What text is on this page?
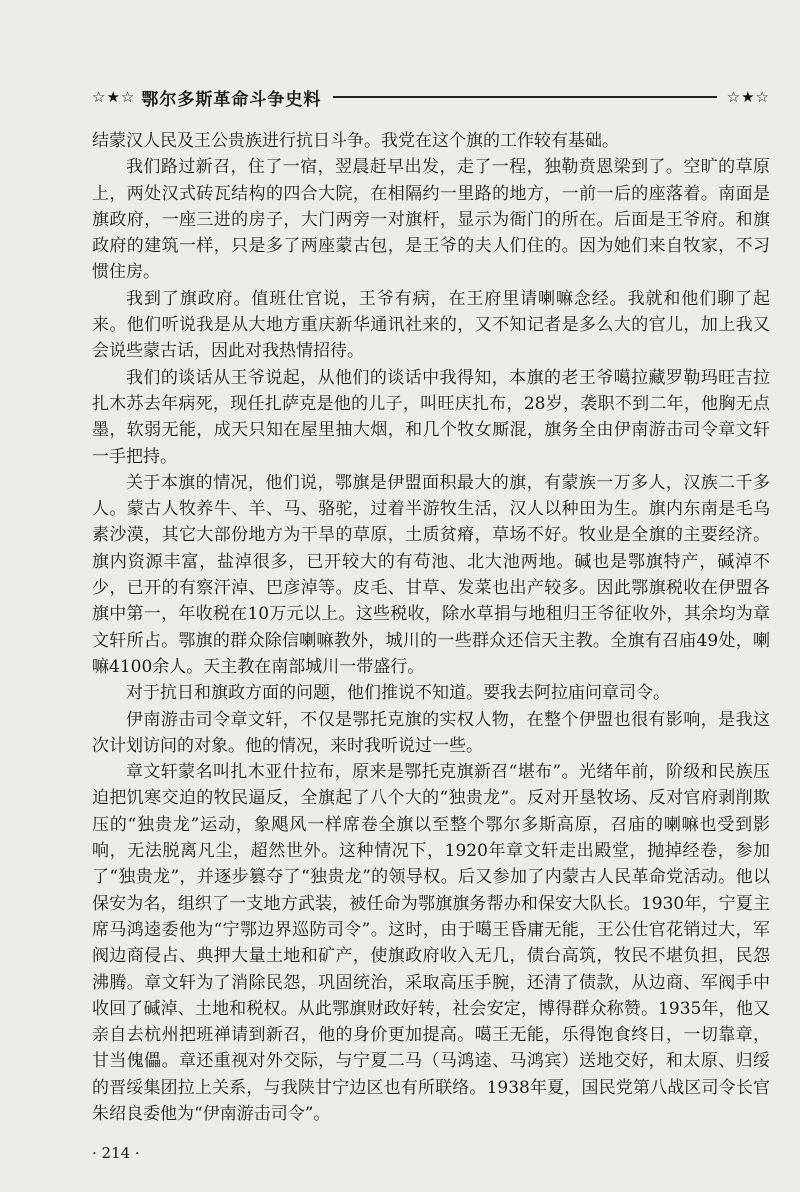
☆★☆ 鄂尔多斯革命斗争史料	☆★☆

结蒙汉人民及王公贵族进行抗日斗争。我党在这个旗的工作较有基础。

我们路过新召，住了一宿，翌晨赶早出发，走了一程，独勒贲恩梁到了。空旷的草原上，两处汉式砖瓦结构的四合大院，在相隔约一里路的地方，一前一后的座落着。南面是旗政府，一座三进的房子，大门两旁一对旗杆，显示为衙门的所在。后面是王爷府。和旗政府的建筑一样，只是多了两座蒙古包，是王爷的夫人们住的。因为她们来自牧家，不习惯住房。

我到了旗政府。值班仕官说，王爷有病，在王府里请喇嘛念经。我就和他们聊了起来。他们听说我是从大地方重庆新华通讯社来的，又不知记者是多么大的官儿，加上我又会说些蒙古话，因此对我热情招待。

我们的谈话从王爷说起，从他们的谈话中我得知，本旗的老王爷噶拉藏罗勒玛旺吉拉扎木苏去年病死，现任扎萨克是他的儿子，叫旺庆扎布，28岁，袭职不到二年，他胸无点墨，软弱无能，成天只知在屋里抽大烟，和几个牧女厮混，旗务全由伊南游击司令章文轩一手把持。

关于本旗的情况，他们说，鄂旗是伊盟面积最大的旗，有蒙族一万多人，汉族二千多人。蒙古人牧养牛、羊、马、骆驼，过着半游牧生活，汉人以种田为生。旗内东南是毛乌素沙漠，其它大部份地方为干旱的草原，土质贫瘠，草场不好。牧业是全旗的主要经济。旗内资源丰富，盐淖很多，已开较大的有苟池、北大池两地。碱也是鄂旗特产，碱淖不少，已开的有察汗淖、巴彦淖等。皮毛、甘草、发菜也出产较多。因此鄂旗税收在伊盟各旗中第一，年收税在10万元以上。这些税收，除水草捐与地租归王爷征收外，其余均为章文轩所占。鄂旗的群众除信喇嘛教外，城川的一些群众还信天主教。全旗有召庙49处，喇嘛4100余人。天主教在南部城川一带盛行。

对于抗日和旗政方面的问题，他们推说不知道。要我去阿拉庙问章司令。

伊南游击司令章文轩，不仅是鄂托克旗的实权人物，在整个伊盟也很有影响，是我这次计划访问的对象。他的情况，来时我听说过一些。

章文轩蒙名叫扎木亚什拉布，原来是鄂托克旗新召“堪布”。光绪年前，阶级和民族压迫把饥寒交迫的牧民逼反，全旗起了八个大的“独贵龙”。反对开垦牧场、反对官府剥削欺压的“独贵龙”运动，象飓风一样席卷全旗以至整个鄂尔多斯高原，召庙的喇嘛也受到影响，无法脱离凡尘，超然世外。这种情况下，1920年章文轩走出殿堂，抛掉经卷，参加了“独贵龙”，并逐步篡夺了“独贵龙”的领导权。后又参加了内蒙古人民革命党活动。他以保安为名，组织了一支地方武装，被任命为鄂旗旗务帮办和保安大队长。1930年，宁夏主席马鸿逵委他为“宁鄂边界巡防司令”。这时，由于噶王昏庸无能，王公仕官花销过大，军阀边商侵占、典押大量土地和矿产，使旗政府收入无几，债台高筑，牧民不堪负担，民怨沸腾。章文轩为了消除民怨，巩固统治，采取高压手腕，还清了债款，从边商、军阀手中收回了碱淖、土地和税权。从此鄂旗财政好转，社会安定，博得群众称赞。1935年，他又亲自去杭州把班禅请到新召，他的身价更加提高。噶王无能，乐得饱食终日，一切靠章，甘当傀儡。章还重视对外交际，与宁夏二马（马鸿逵、马鸿宾）送地交好，和太原、归绥的晋绥集团拉上关系，与我陕甘宁边区也有所联络。1938年夏，国民党第八战区司令长官朱绍良委他为“伊南游击司令”。

· 214 ·
